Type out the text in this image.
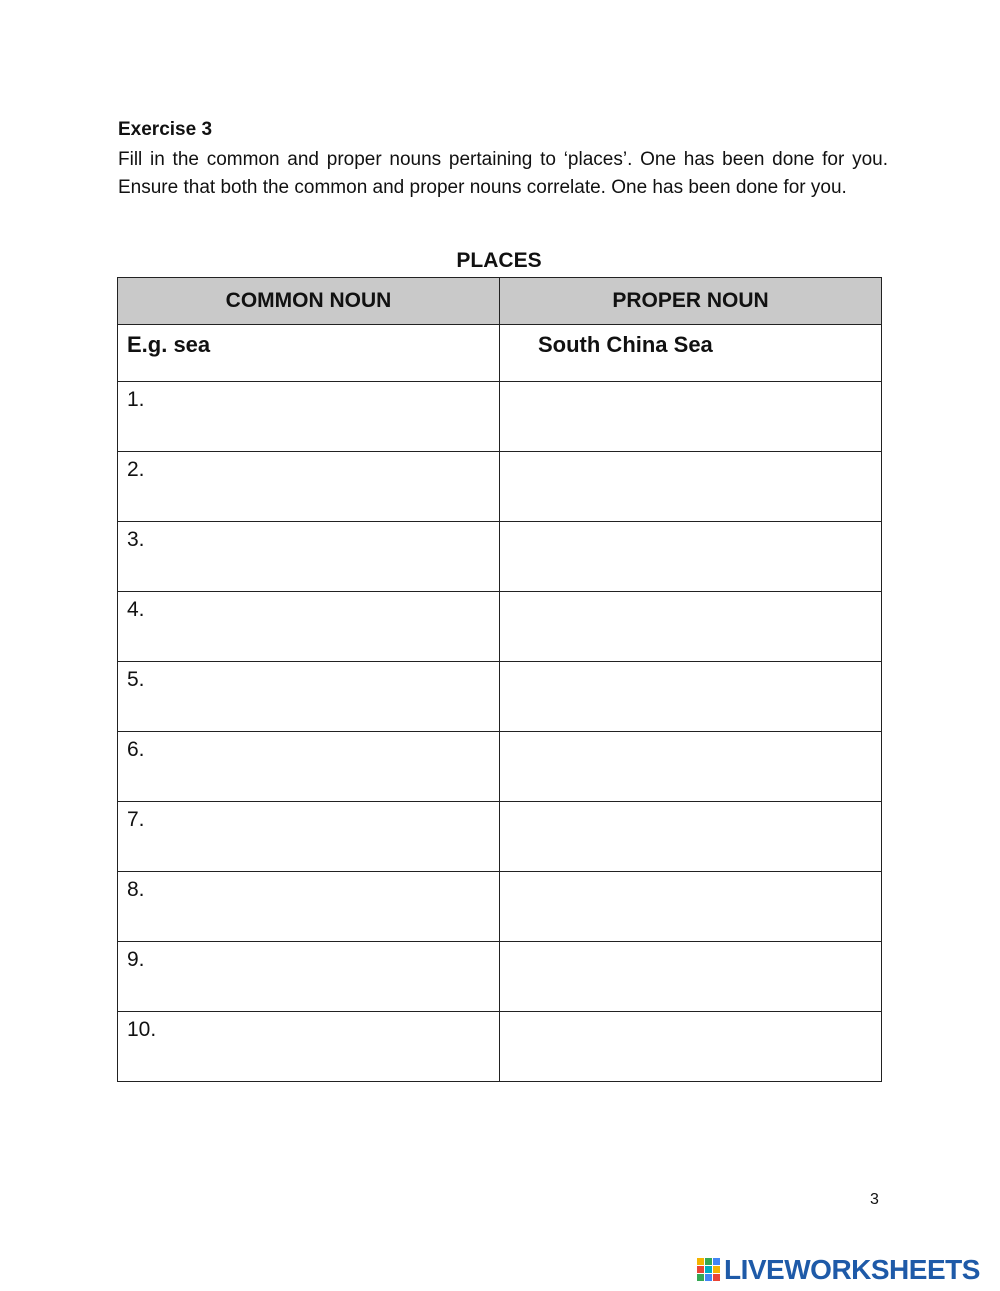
Exercise 3
Fill in the common and proper nouns pertaining to ‘places’. One has been done for you. Ensure that both the common and proper nouns correlate. One has been done for you.
PLACES
COMMON NOUN	PROPER NOUN
E.g. sea	South China Sea
1.	
2.	
3.	
4.	
5.	
6.	
7.	
8.	
9.	
10.	
3
LIVEWORKSHEETS
